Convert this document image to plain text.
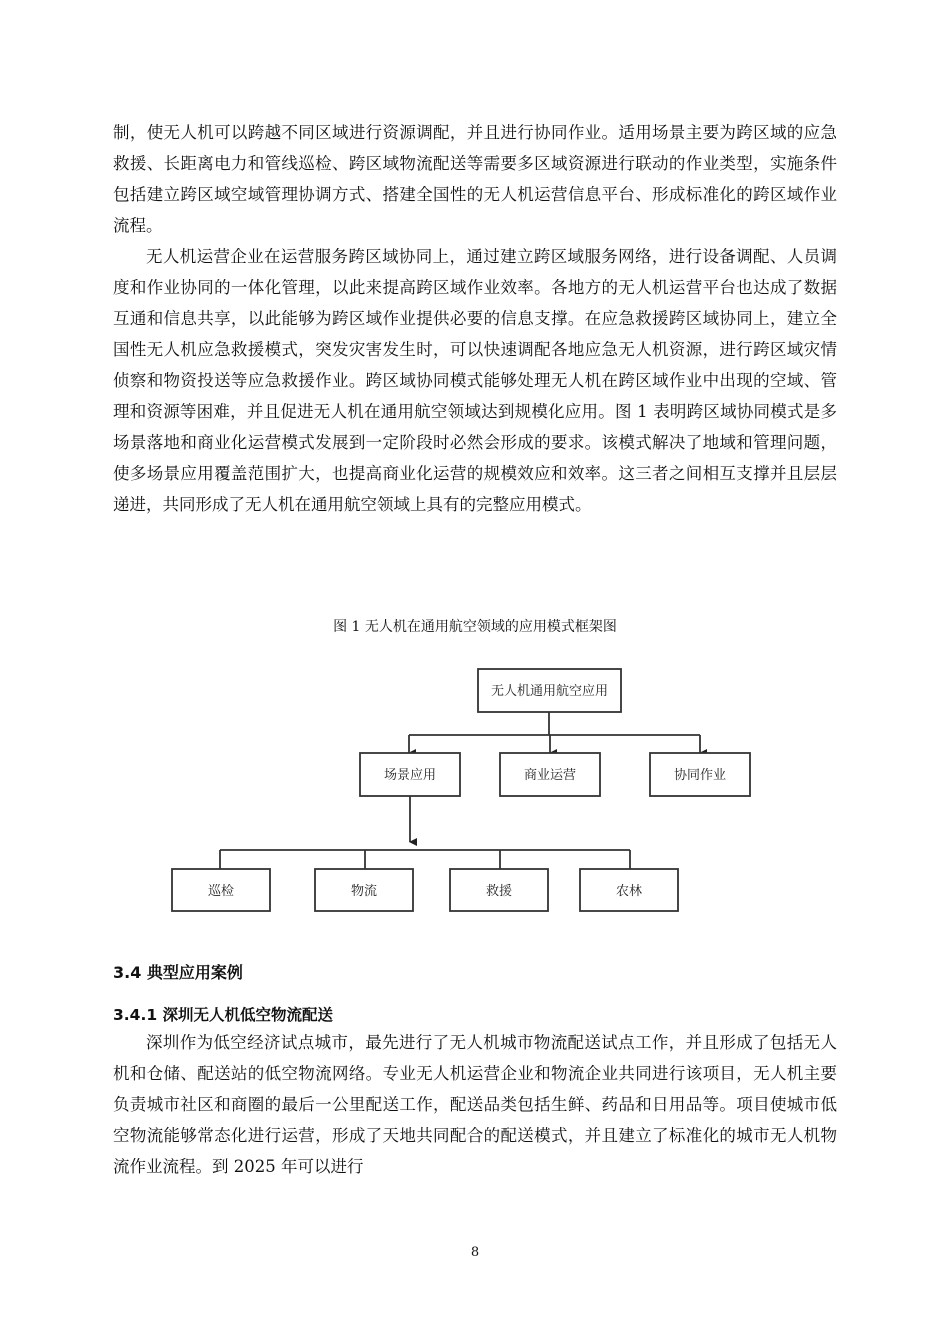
制，使无人机可以跨越不同区域进行资源调配，并且进行协同作业。适用场景主要为跨区域的应急救援、长距离电力和管线巡检、跨区域物流配送等需要多区域资源进行联动的作业类型，实施条件包括建立跨区域空域管理协调方式、搭建全国性的无人机运营信息平台、形成标准化的跨区域作业流程。

无人机运营企业在运营服务跨区域协同上，通过建立跨区域服务网络，进行设备调配、人员调度和作业协同的一体化管理，以此来提高跨区域作业效率。各地方的无人机运营平台也达成了数据互通和信息共享，以此能够为跨区域作业提供必要的信息支撑。在应急救援跨区域协同上，建立全国性无人机应急救援模式，突发灾害发生时，可以快速调配各地应急无人机资源，进行跨区域灾情侦察和物资投送等应急救援作业。跨区域协同模式能够处理无人机在跨区域作业中出现的空域、管理和资源等困难，并且促进无人机在通用航空领域达到规模化应用。图 1 表明跨区域协同模式是多场景落地和商业化运营模式发展到一定阶段时必然会形成的要求。该模式解决了地域和管理问题，使多场景应用覆盖范围扩大，也提高商业化运营的规模效应和效率。这三者之间相互支撑并且层层递进，共同形成了无人机在通用航空领域上具有的完整应用模式。

图 1 无人机在通用航空领域的应用模式框架图

无人机通用航空应用
场景应用	商业运营	协同作业
巡检	物流	救援	农林
3.4 典型应用案例
3.4.1 深圳无人机低空物流配送

深圳作为低空经济试点城市，最先进行了无人机城市物流配送试点工作，并且形成了包括无人机和仓储、配送站的低空物流网络。专业无人机运营企业和物流企业共同进行该项目，无人机主要负责城市社区和商圈的最后一公里配送工作，配送品类包括生鲜、药品和日用品等。项目使城市低空物流能够常态化进行运营，形成了天地共同配合的配送模式，并且建立了标准化的城市无人机物流作业流程。到 2025 年可以进行

8
